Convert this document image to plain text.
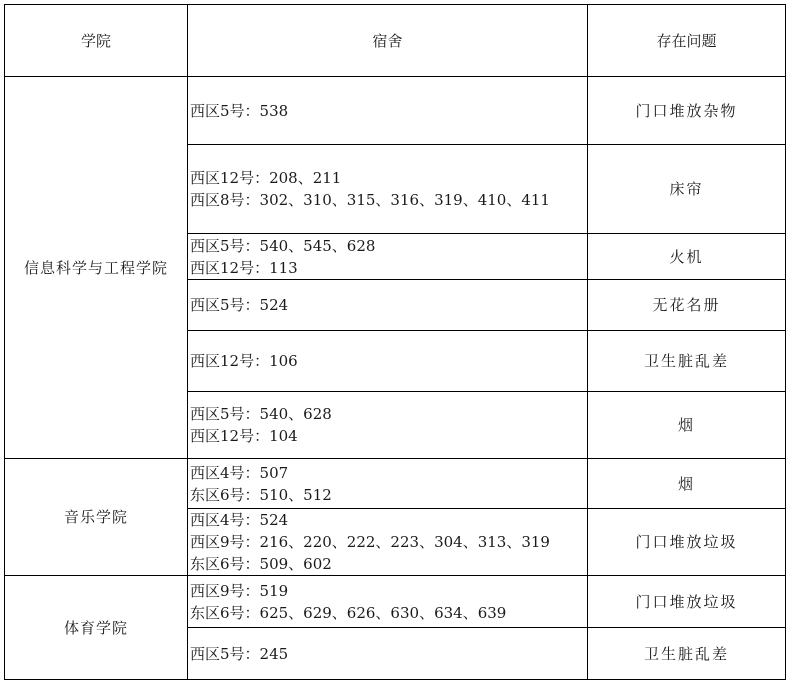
学院	宿舍	存在问题
信息科学与工程学院	西区5号：538	门口堆放杂物

	西区12号：208、211
西区8号：302、310、315、316、319、410、411	床帘

	西区5号：540、545、628
西区12号：113	火机

	西区5号：524	无花名册

	西区12号：106	卫生脏乱差

	西区5号：540、628
西区12号：104	烟
音乐学院	西区4号：507
东区6号：510、512	烟

	西区4号：524
西区9号：216、220、222、223、304、313、319
东区6号：509、602	门口堆放垃圾
体育学院	西区9号：519
东区6号：625、629、626、630、634、639	门口堆放垃圾

	西区5号：245	卫生脏乱差
